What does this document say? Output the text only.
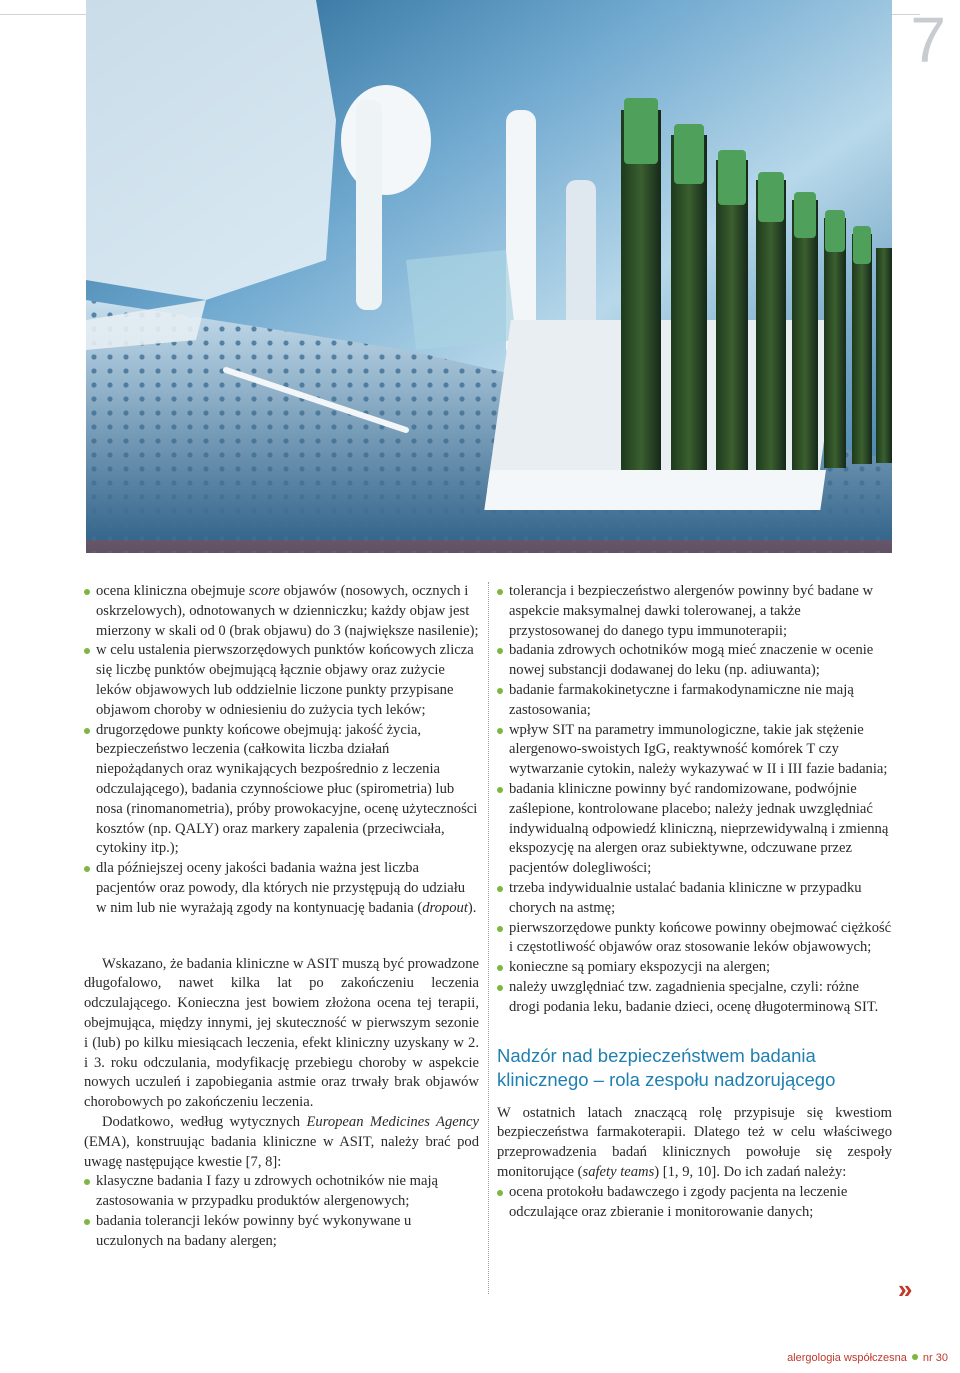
7
ocena kliniczna obejmuje score objawów (nosowych, ocznych i oskrzelowych), odnotowanych w dzienniczku; każdy objaw jest mierzony w skali od 0 (brak objawu) do 3 (największe nasilenie);
w celu ustalenia pierwszorzędowych punktów końcowych zlicza się liczbę punktów obejmującą łącznie objawy oraz zużycie leków objawowych lub oddzielnie liczone punkty przypisane objawom choroby w odniesieniu do zużycia tych leków;
drugorzędowe punkty końcowe obejmują: jakość życia, bezpieczeństwo leczenia (całkowita liczba działań niepożądanych oraz wynikających bezpośrednio z leczenia odczulającego), badania czynnościowe płuc (spirometria) lub nosa (rinomanometria), próby prowokacyjne, ocenę użyteczności kosztów (np. QALY) oraz markery zapalenia (przeciwciała, cytokiny itp.);
dla późniejszej oceny jakości badania ważna jest liczba pacjentów oraz powody, dla których nie przystępują do udziału w nim lub nie wyrażają zgody na kontynuację badania (dropout).

Wskazano, że badania kliniczne w ASIT muszą być prowadzone długofalowo, nawet kilka lat po zakończeniu leczenia odczulającego. Konieczna jest bowiem złożona ocena tej terapii, obejmująca, między innymi, jej skuteczność w pierwszym sezonie i (lub) po kilku miesiącach leczenia, efekt kliniczny uzyskany w 2. i 3. roku odczulania, modyfikację przebiegu choroby w aspekcie nowych uczuleń i zapobiegania astmie oraz trwały brak objawów chorobowych po zakończeniu leczenia.

Dodatkowo, według wytycznych European Medicines Agency (EMA), konstruując badania kliniczne w ASIT, należy brać pod uwagę następujące kwestie [7, 8]:

klasyczne badania I fazy u zdrowych ochotników nie mają zastosowania w przypadku produktów alergenowych;
badania tolerancji leków powinny być wykonywane u uczulonych na badany alergen;
tolerancja i bezpieczeństwo alergenów powinny być badane w aspekcie maksymalnej dawki tolerowanej, a także przystosowanej do danego typu immunoterapii;
badania zdrowych ochotników mogą mieć znaczenie w ocenie nowej substancji dodawanej do leku (np. adiuwanta);
badanie farmakokinetyczne i farmakodynamiczne nie mają zastosowania;
wpływ SIT na parametry immunologiczne, takie jak stężenie alergenowo-swoistych IgG, reaktywność komórek T czy wytwarzanie cytokin, należy wykazywać w II i III fazie badania;
badania kliniczne powinny być randomizowane, podwójnie zaślepione, kontrolowane placebo; należy jednak uwzględniać indywidualną odpowiedź kliniczną, nieprzewidywalną i zmienną ekspozycję na alergen oraz subiektywne, odczuwane przez pacjentów dolegliwości;
trzeba indywidualnie ustalać badania kliniczne w przypadku chorych na astmę;
pierwszorzędowe punkty końcowe powinny obejmować ciężkość i częstotliwość objawów oraz stosowanie leków objawowych;
konieczne są pomiary ekspozycji na alergen;
należy uwzględniać tzw. zagadnienia specjalne, czyli: różne drogi podania leku, badanie dzieci, ocenę długoterminową SIT.
Nadzór nad bezpieczeństwem badania klinicznego – rola zespołu nadzorującego

W ostatnich latach znaczącą rolę przypisuje się kwestiom bezpieczeństwa farmakoterapii. Dlatego też w celu właściwego przeprowadzenia badań klinicznych powołuje się zespoły monitorujące (safety teams) [1, 9, 10]. Do ich zadań należy:

ocena protokołu badawczego i zgody pacjenta na leczenie odczulające oraz zbieranie i monitorowanie danych;
»
alergologia współczesna nr 30
